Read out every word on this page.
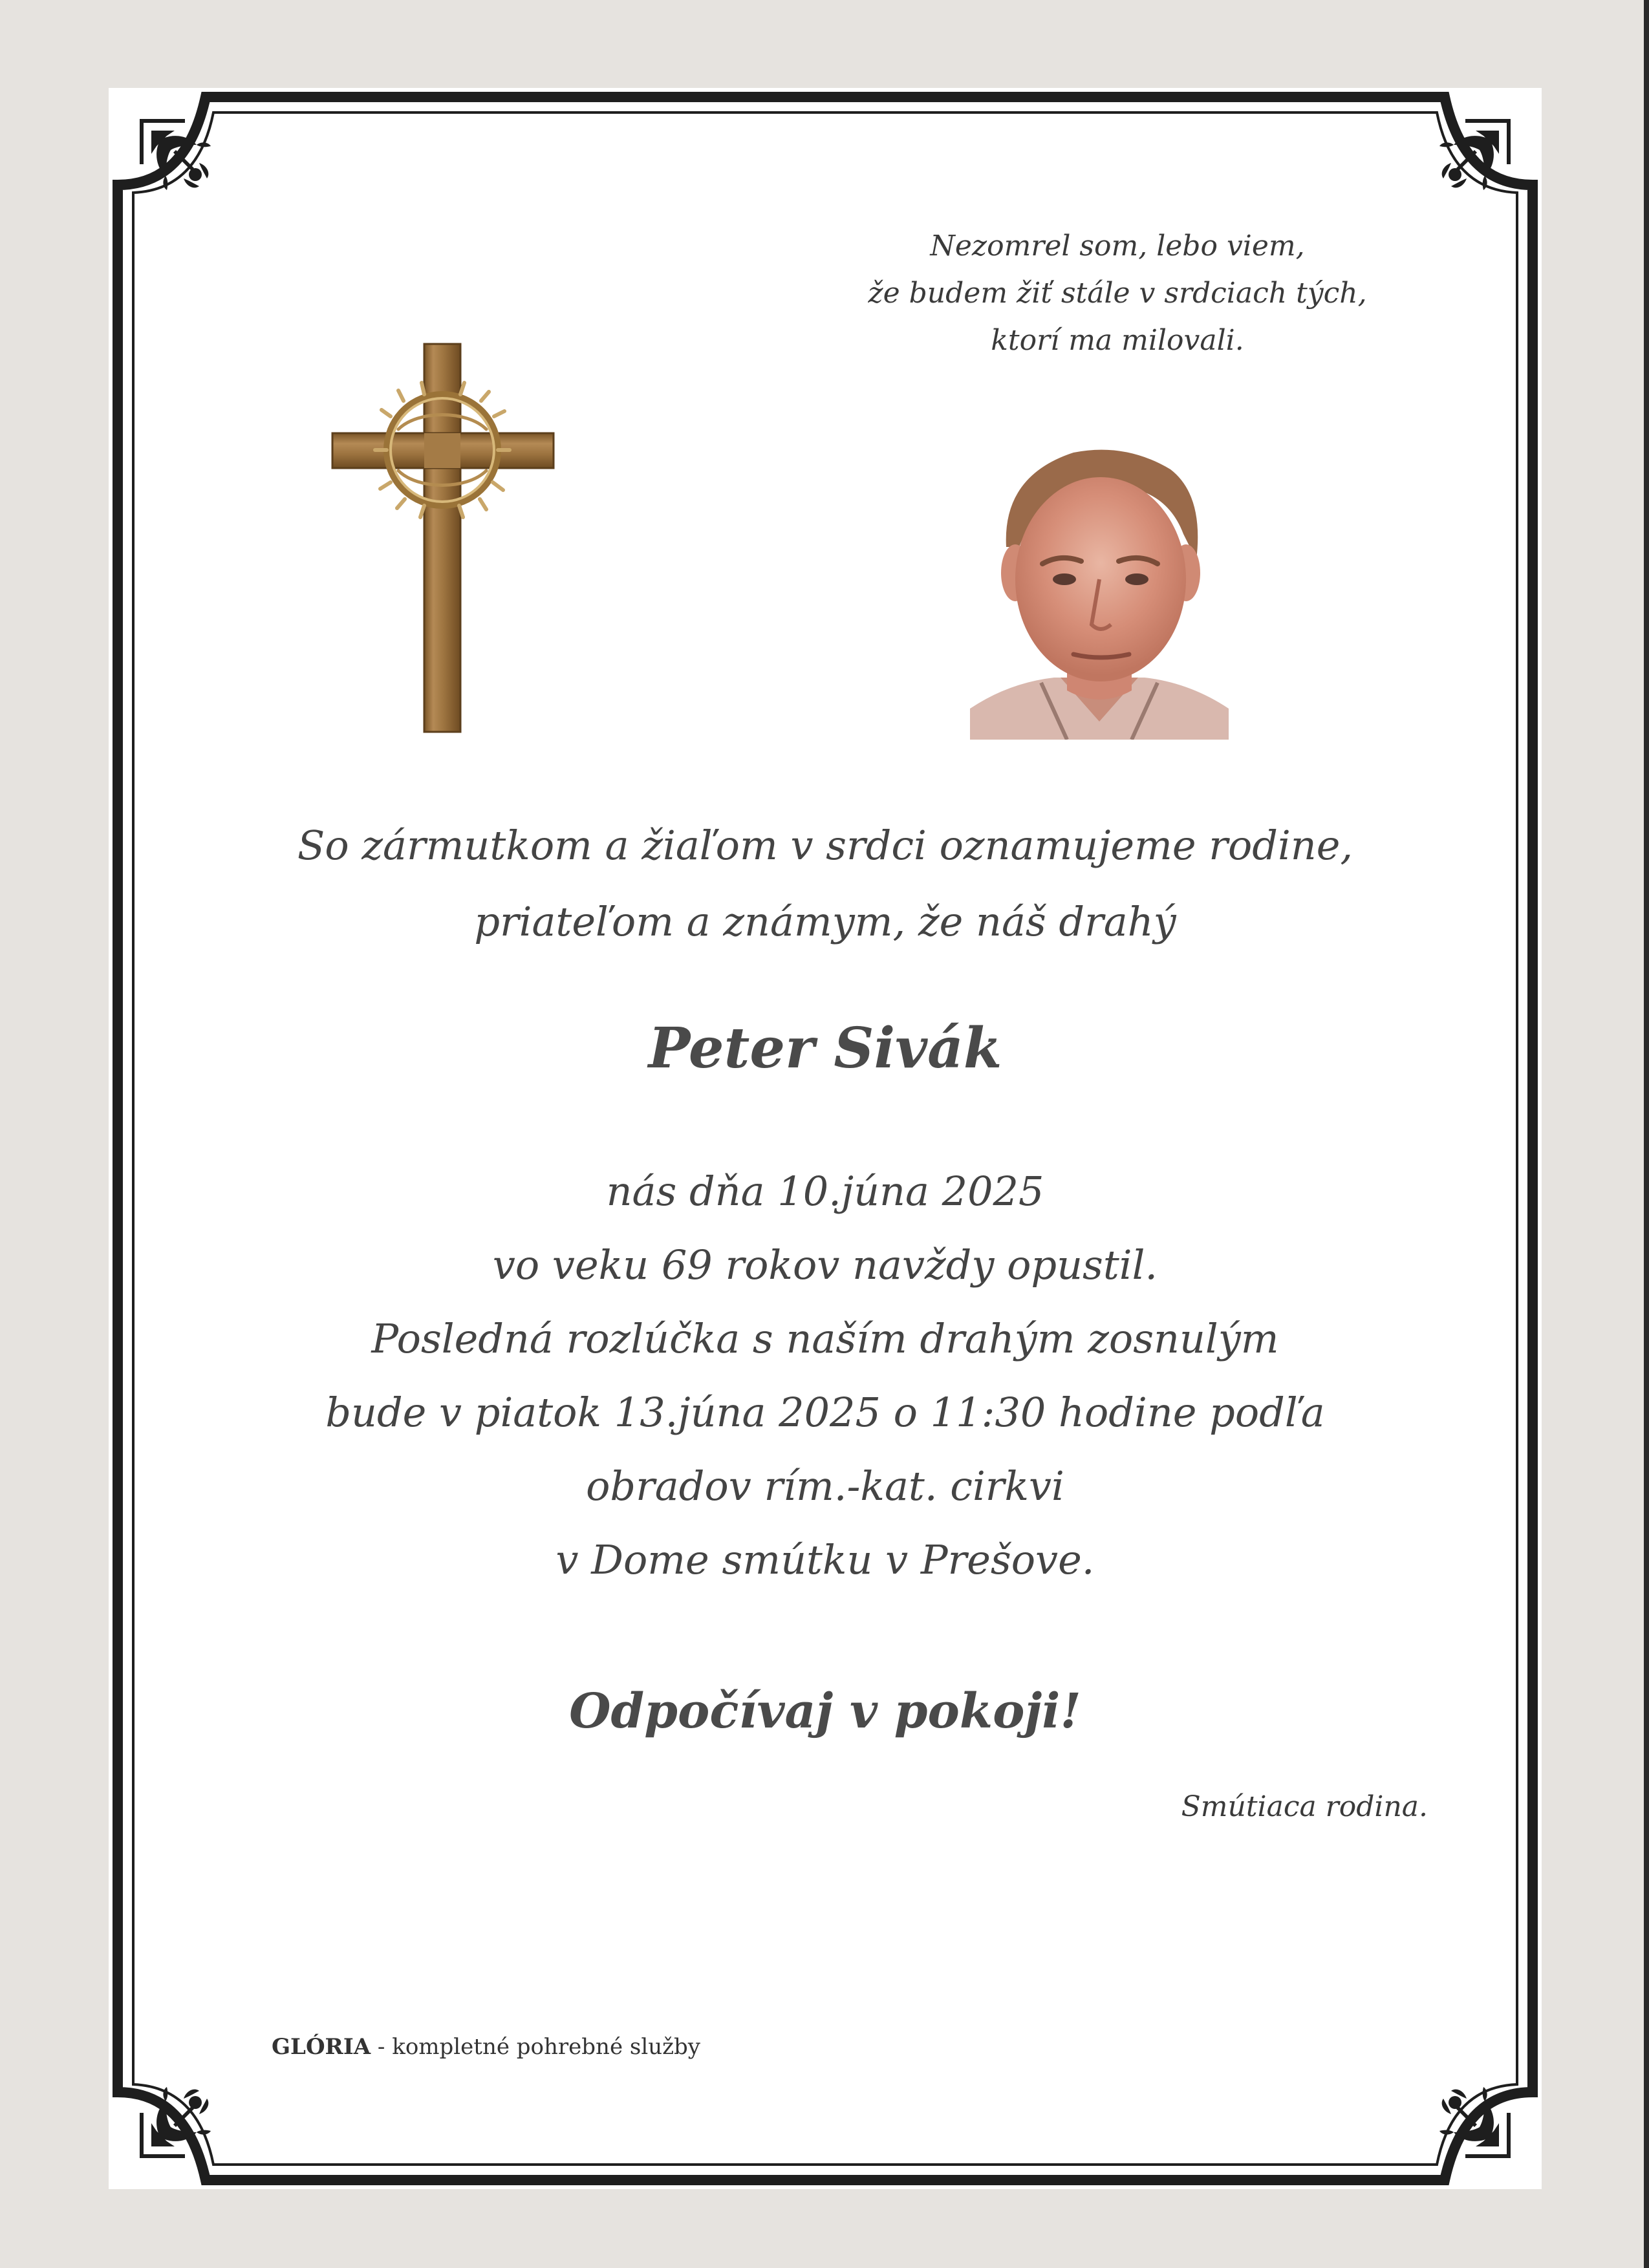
Nezomrel som, lebo viem,
že budem žiť stále v srdciach tých,
ktorí ma milovali.
So zármutkom a žiaľom v srdci oznamujeme rodine,
priateľom a známym, že náš drahý
Peter Sivák
nás dňa 10.júna 2025
vo veku 69 rokov navždy opustil.
Posledná rozlúčka s naším drahým zosnulým
bude v piatok 13.júna 2025 o 11:30 hodine podľa
obradov rím.-kat. cirkvi
v Dome smútku v Prešove.
Odpočívaj v pokoji!
Smútiaca rodina.
GLÓRIA - kompletné pohrebné služby
